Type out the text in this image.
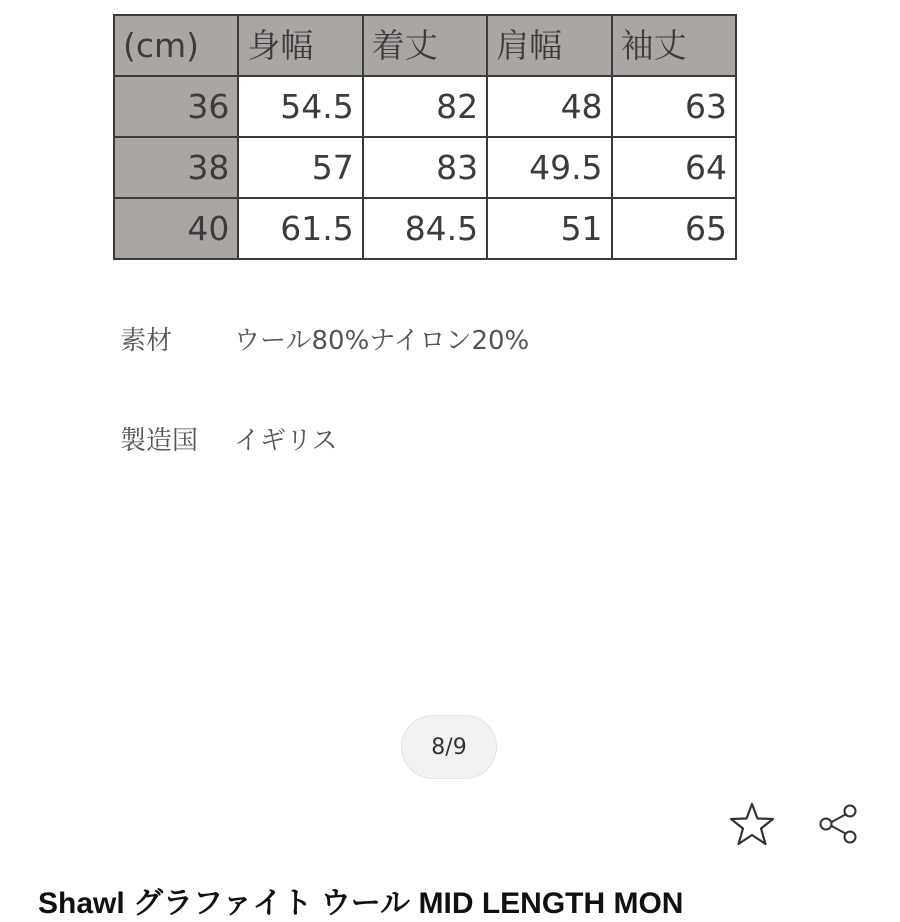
(cm)	身幅	着丈	肩幅	袖丈
36	54.5	82	48	63
38	57	83	49.5	64
40	61.5	84.5	51	65
素材 ウール80%ナイロン20%
製造国 イギリス
8/9
Shawl グラファイト ウール MID LENGTH MON
